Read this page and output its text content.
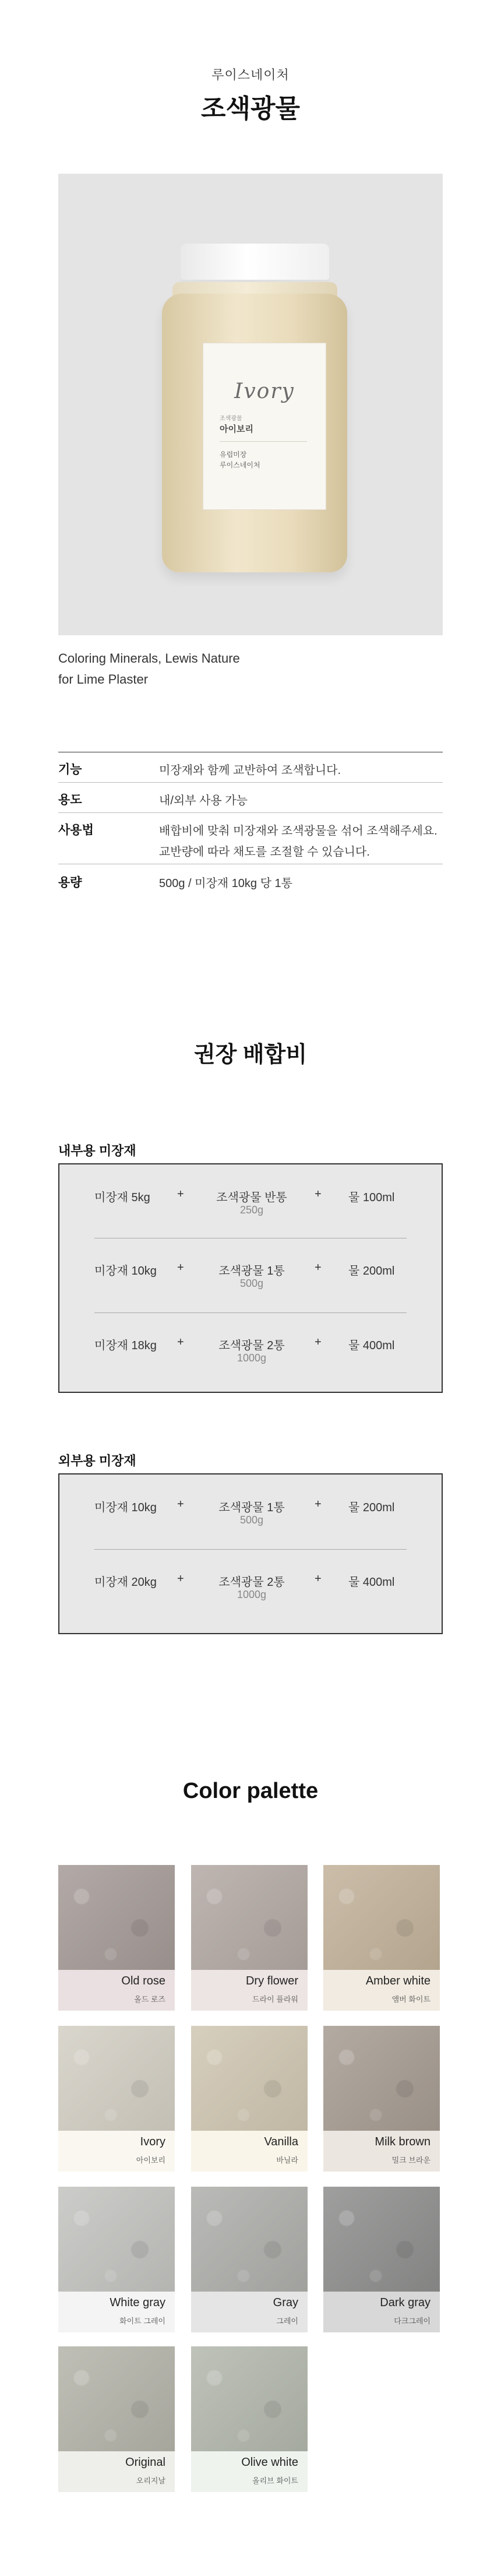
루이스네이처
조색광물
Ivory
조색광물
아이보리
유럽미장
루이스네이처
Coloring Minerals, Lewis Nature
for Lime Plaster
기능	미장재와 함께 교반하여 조색합니다.
용도	내/외부 사용 가능
사용법	배합비에 맞춰 미장재와 조색광물을 섞어 조색해주세요.
교반량에 따라 채도를 조절할 수 있습니다.
용량	500g / 미장재 10kg 당 1통
권장 배합비
내부용 미장재
미장재 5kg +	조색광물 반통
250g
+ 물 100ml
미장재 10kg +	조색광물 1통
500g
+ 물 200ml
미장재 18kg +	조색광물 2통
1000g
+ 물 400ml
외부용 미장재
미장재 10kg +	조색광물 1통
500g
+ 물 200ml
미장재 20kg +	조색광물 2통
1000g
+ 물 400ml
Color palette
Old rose
올드 로즈
Dry flower
드라이 플라워
Amber white
앰버 화이트
Ivory
아이보리
Vanilla
바닐라
Milk brown
밀크 브라운
White gray
화이트 그레이
Gray
그레이
Dark gray
다크그레이
Original
오리지날
Olive white
올리브 화이트
